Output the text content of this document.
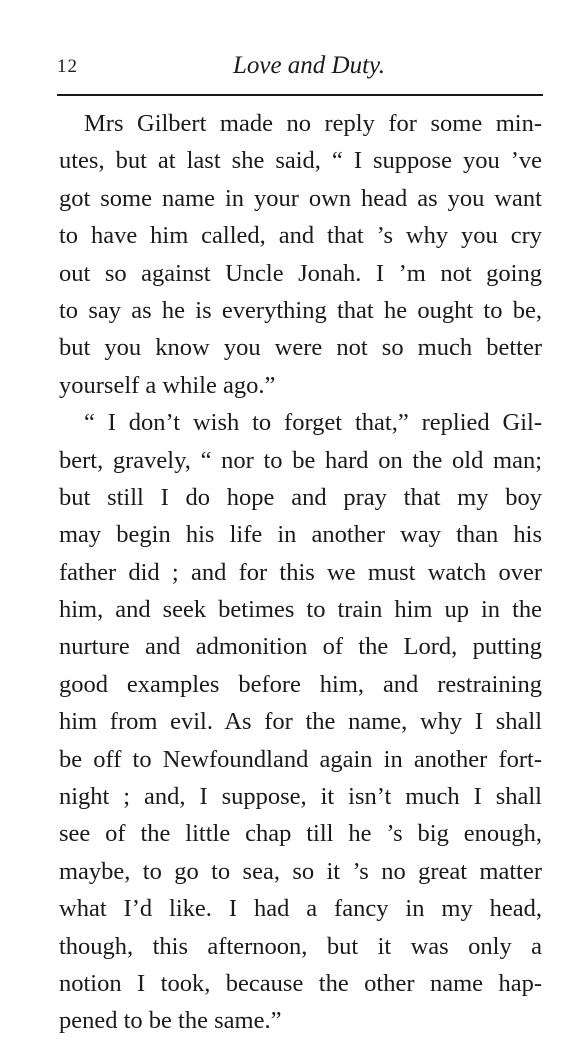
12	Love and Duty.
Mrs Gilbert made no reply for some min-
utes, but at last she said, “ I suppose you ’ve
got some name in your own head as you want
to have him called, and that ’s why you cry
out so against Uncle Jonah. I ’m not going
to say as he is everything that he ought to be,
but you know you were not so much better
yourself a while ago.”
“ I don’t wish to forget that,” replied Gil-
bert, gravely, “ nor to be hard on the old man;
but still I do hope and pray that my boy
may begin his life in another way than his
father did ; and for this we must watch over
him, and seek betimes to train him up in the
nurture and admonition of the Lord, putting
good examples before him, and restraining
him from evil. As for the name, why I shall
be off to Newfoundland again in another fort-
night ; and, I suppose, it isn’t much I shall
see of the little chap till he ’s big enough,
maybe, to go to sea, so it ’s no great matter
what I’d like. I had a fancy in my head,
though, this afternoon, but it was only a
notion I took, because the other name hap-
pened to be the same.”
